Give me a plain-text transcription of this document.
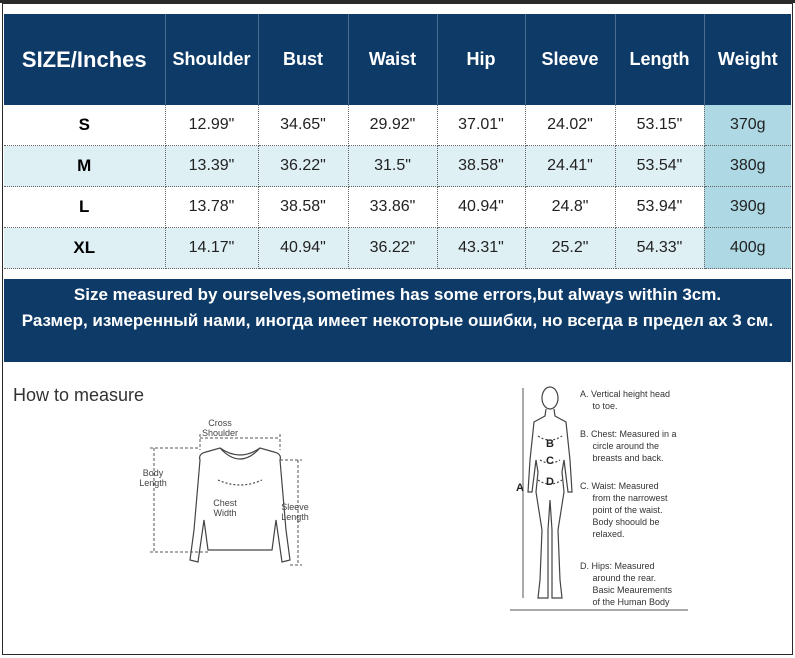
SIZE/Inches	Shoulder	Bust	Waist	Hip	Sleeve	Length	Weight
S	12.99"	34.65"	29.92"	37.01"	24.02"	53.15"	370g
M	13.39"	36.22"	31.5"	38.58"	24.41"	53.54"	380g
L	13.78"	38.58"	33.86"	40.94"	24.8"	53.94"	390g
XL	14.17"	40.94"	36.22"	43.31"	25.2"	54.33"	400g
Size measured by ourselves,sometimes has some errors,but always within 3cm.
Размер, измеренный нами, иногда имеет некоторые ошибки, но всегда в предел ах 3 см.
How to measure
Cross
Shoulder
Body
Length
Chest
Width
Sleeve
Length
A
B
C
D
A. Vertical height head
to toe.
B. Chest: Measured in a
circle around the
breasts and back.
C. Waist: Measured
from the narrowest
point of the waist.
Body shoould be
relaxed.
D. Hips: Measured
around the rear.
Basic Meaurements
of the Human Body
